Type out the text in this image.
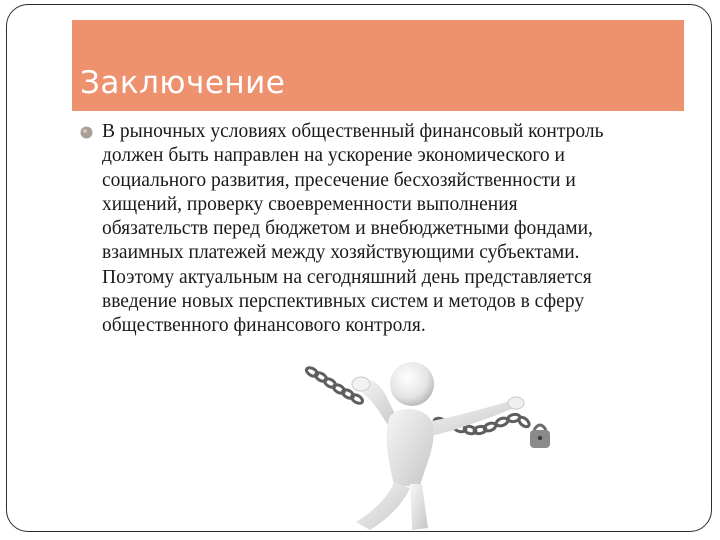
Заключение
В рыночных условиях общественный финансовый контроль
должен быть направлен на ускорение экономического и
социального развития, пресечение бесхозяйственности и
хищений, проверку своевременности выполнения
обязательств перед бюджетом и внебюджетными фондами,
взаимных платежей между хозяйствующими субъектами.
Поэтому актуальным на сегодняшний день представляется
введение новых перспективных систем и методов в сферу
общественного финансового контроля.
